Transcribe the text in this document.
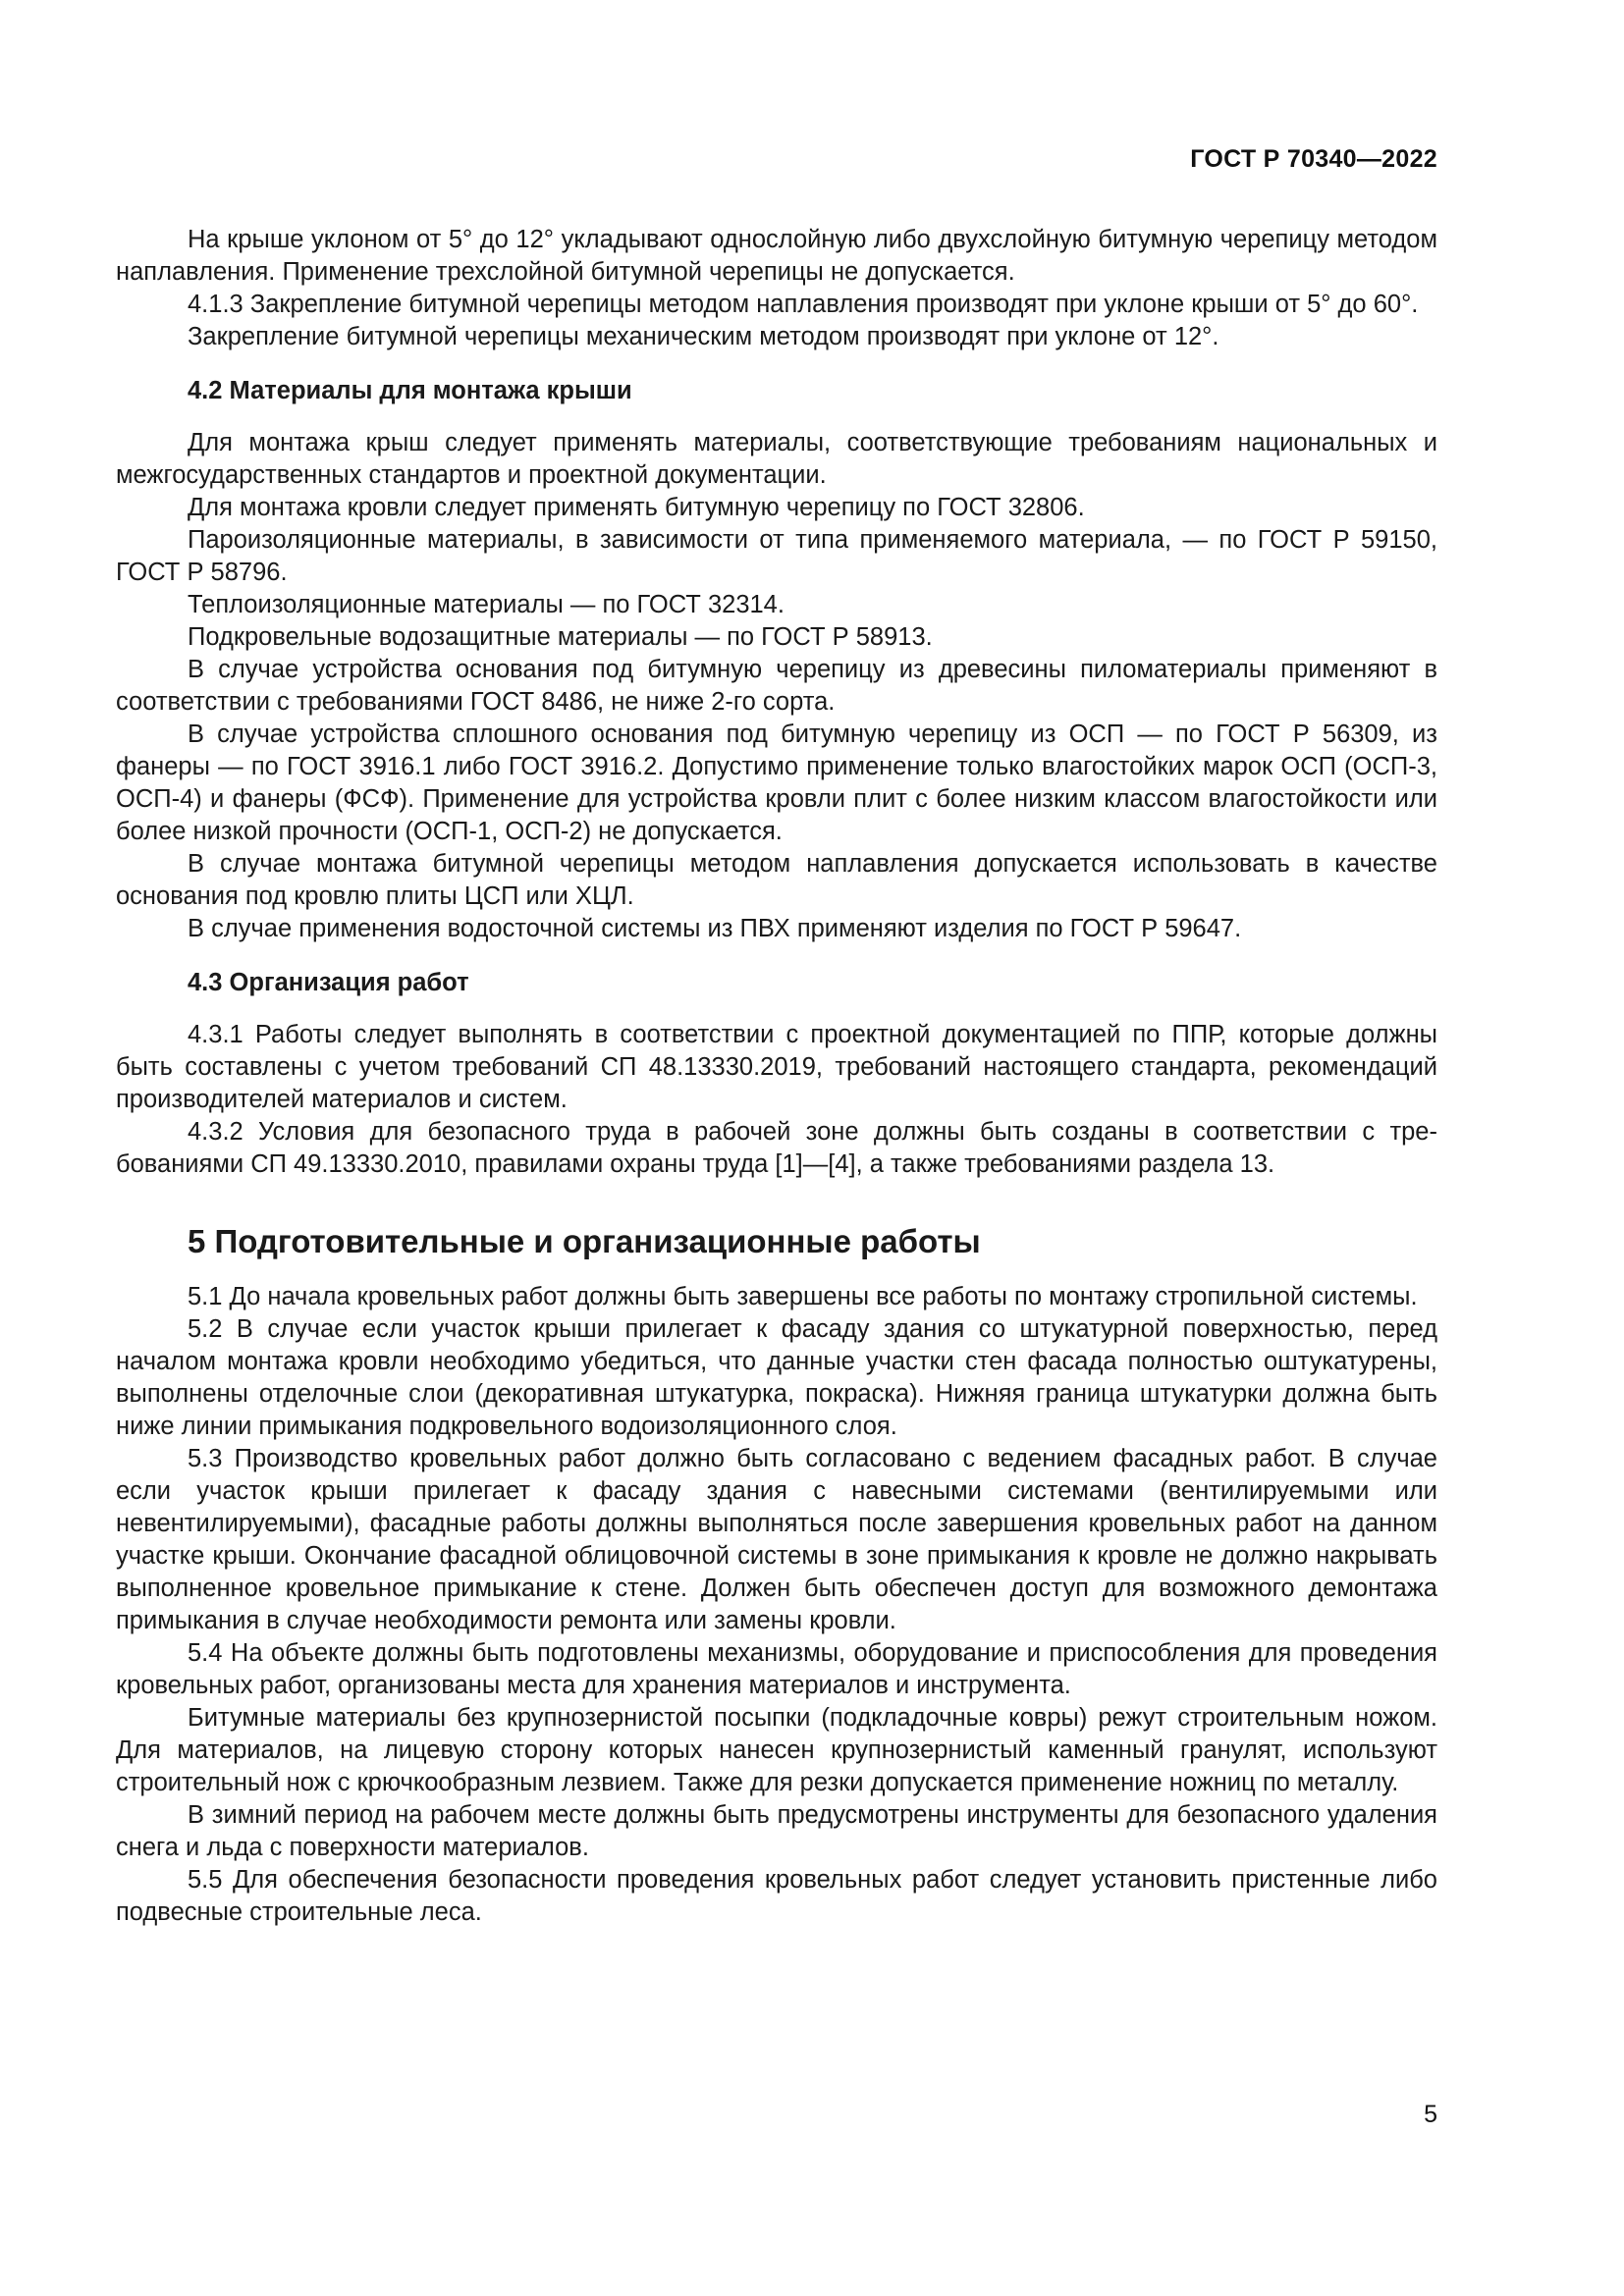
ГОСТ Р 70340—2022

На крыше уклоном от 5° до 12° укладывают однослойную либо двухслойную битумную черепицу методом наплавления. Применение трехслойной битумной черепицы не допускается.

4.1.3 Закрепление битумной черепицы методом наплавления производят при уклоне крыши от 5° до 60°.

Закрепление битумной черепицы механическим методом производят при уклоне от 12°.

4.2 Материалы для монтажа крыши

Для монтажа крыш следует применять материалы, соответствующие требованиям национальных и межгосударственных стандартов и проектной документации.

Для монтажа кровли следует применять битумную черепицу по ГОСТ 32806.

Пароизоляционные материалы, в зависимости от типа применяемого материала, — по ГОСТ Р 59150, ГОСТ Р 58796.

Теплоизоляционные материалы — по ГОСТ 32314.

Подкровельные водозащитные материалы — по ГОСТ Р 58913.

В случае устройства основания под битумную черепицу из древесины пиломатериалы применяют в соответствии с требованиями ГОСТ 8486, не ниже 2-го сорта.

В случае устройства сплошного основания под битумную черепицу из ОСП — по ГОСТ Р 56309, из фанеры — по ГОСТ 3916.1 либо ГОСТ 3916.2. Допустимо применение только влагостойких марок ОСП (ОСП-3, ОСП-4) и фанеры (ФСФ). Применение для устройства кровли плит с более низким классом влагостойкости или более низкой прочности (ОСП-1, ОСП-2) не допускается.

В случае монтажа битумной черепицы методом наплавления допускается использовать в качестве основания под кровлю плиты ЦСП или ХЦЛ.

В случае применения водосточной системы из ПВХ применяют изделия по ГОСТ Р 59647.

4.3 Организация работ

4.3.1 Работы следует выполнять в соответствии с проектной документацией по ППР, которые должны быть составлены с учетом требований СП 48.13330.2019, требований настоящего стандарта, рекомендаций производителей материалов и систем.

4.3.2 Условия для безопасного труда в рабочей зоне должны быть созданы в соответствии с требованиями СП 49.13330.2010, правилами охраны труда [1]—[4], а также требованиями раздела 13.

5 Подготовительные и организационные работы

5.1 До начала кровельных работ должны быть завершены все работы по монтажу стропильной системы.

5.2 В случае если участок крыши прилегает к фасаду здания со штукатурной поверхностью, перед началом монтажа кровли необходимо убедиться, что данные участки стен фасада полностью оштукатурены, выполнены отделочные слои (декоративная штукатурка, покраска). Нижняя граница штукатурки должна быть ниже линии примыкания подкровельного водоизоляционного слоя.

5.3 Производство кровельных работ должно быть согласовано с ведением фасадных работ. В случае если участок крыши прилегает к фасаду здания с навесными системами (вентилируемыми или невентилируемыми), фасадные работы должны выполняться после завершения кровельных работ на данном участке крыши. Окончание фасадной облицовочной системы в зоне примыкания к кровле не должно накрывать выполненное кровельное примыкание к стене. Должен быть обеспечен доступ для возможного демонтажа примыкания в случае необходимости ремонта или замены кровли.

5.4 На объекте должны быть подготовлены механизмы, оборудование и приспособления для проведения кровельных работ, организованы места для хранения материалов и инструмента.

Битумные материалы без крупнозернистой посыпки (подкладочные ковры) режут строительным ножом. Для материалов, на лицевую сторону которых нанесен крупнозернистый каменный гранулят, используют строительный нож с крючкообразным лезвием. Также для резки допускается применение ножниц по металлу.

В зимний период на рабочем месте должны быть предусмотрены инструменты для безопасного удаления снега и льда с поверхности материалов.

5.5 Для обеспечения безопасности проведения кровельных работ следует установить пристенные либо подвесные строительные леса.

5
